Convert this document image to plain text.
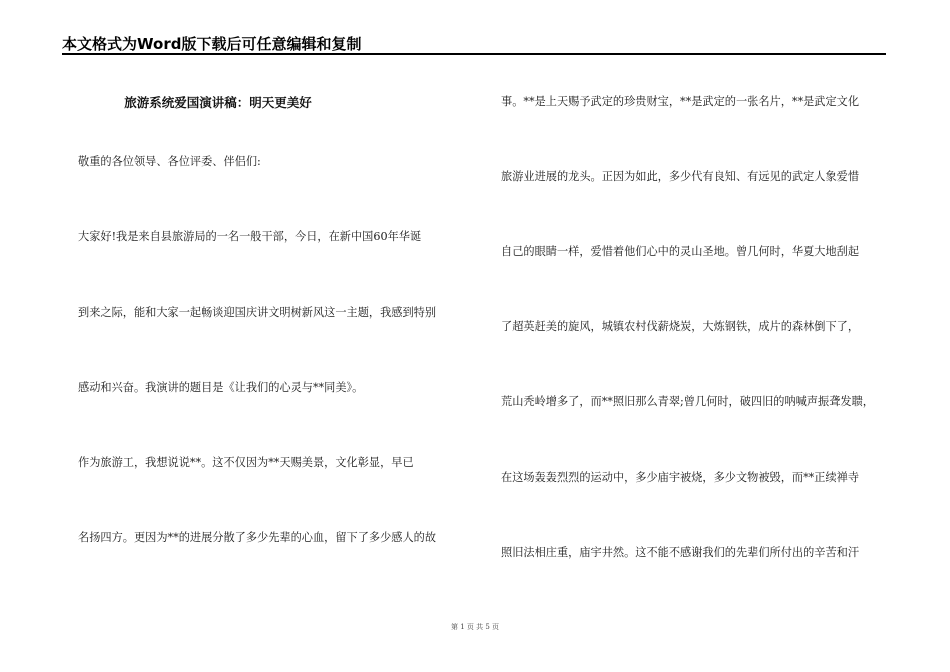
本文格式为Word版下载后可任意编辑和复制
旅游系统爱国演讲稿：明天更美好
敬重的各位领导、各位评委、伴侣们:
大家好!我是来自县旅游局的一名一般干部，今日，在新中国60年华诞
到来之际，能和大家一起畅谈迎国庆讲文明树新风这一主题，我感到特别
感动和兴奋。我演讲的题目是《让我们的心灵与**同美》。
作为旅游工，我想说说**。这不仅因为**天赐美景，文化彰显，早已
名扬四方。更因为**的进展分散了多少先辈的心血，留下了多少感人的故
事。**是上天赐予武定的珍贵财宝，**是武定的一张名片，**是武定文化
旅游业进展的龙头。正因为如此，多少代有良知、有远见的武定人象爱惜
自己的眼睛一样，爱惜着他们心中的灵山圣地。曾几何时，华夏大地刮起
了超英赶美的旋风，城镇农村伐薪烧炭，大炼钢铁，成片的森林倒下了，
荒山秃岭增多了，而**照旧那么青翠;曾几何时，破四旧的呐喊声振聋发聩，
在这场轰轰烈烈的运动中，多少庙宇被烧，多少文物被毁，而**正续禅寺
照旧法相庄重，庙宇井然。这不能不感谢我们的先辈们所付出的辛苦和汗
第 1 页 共 5 页
